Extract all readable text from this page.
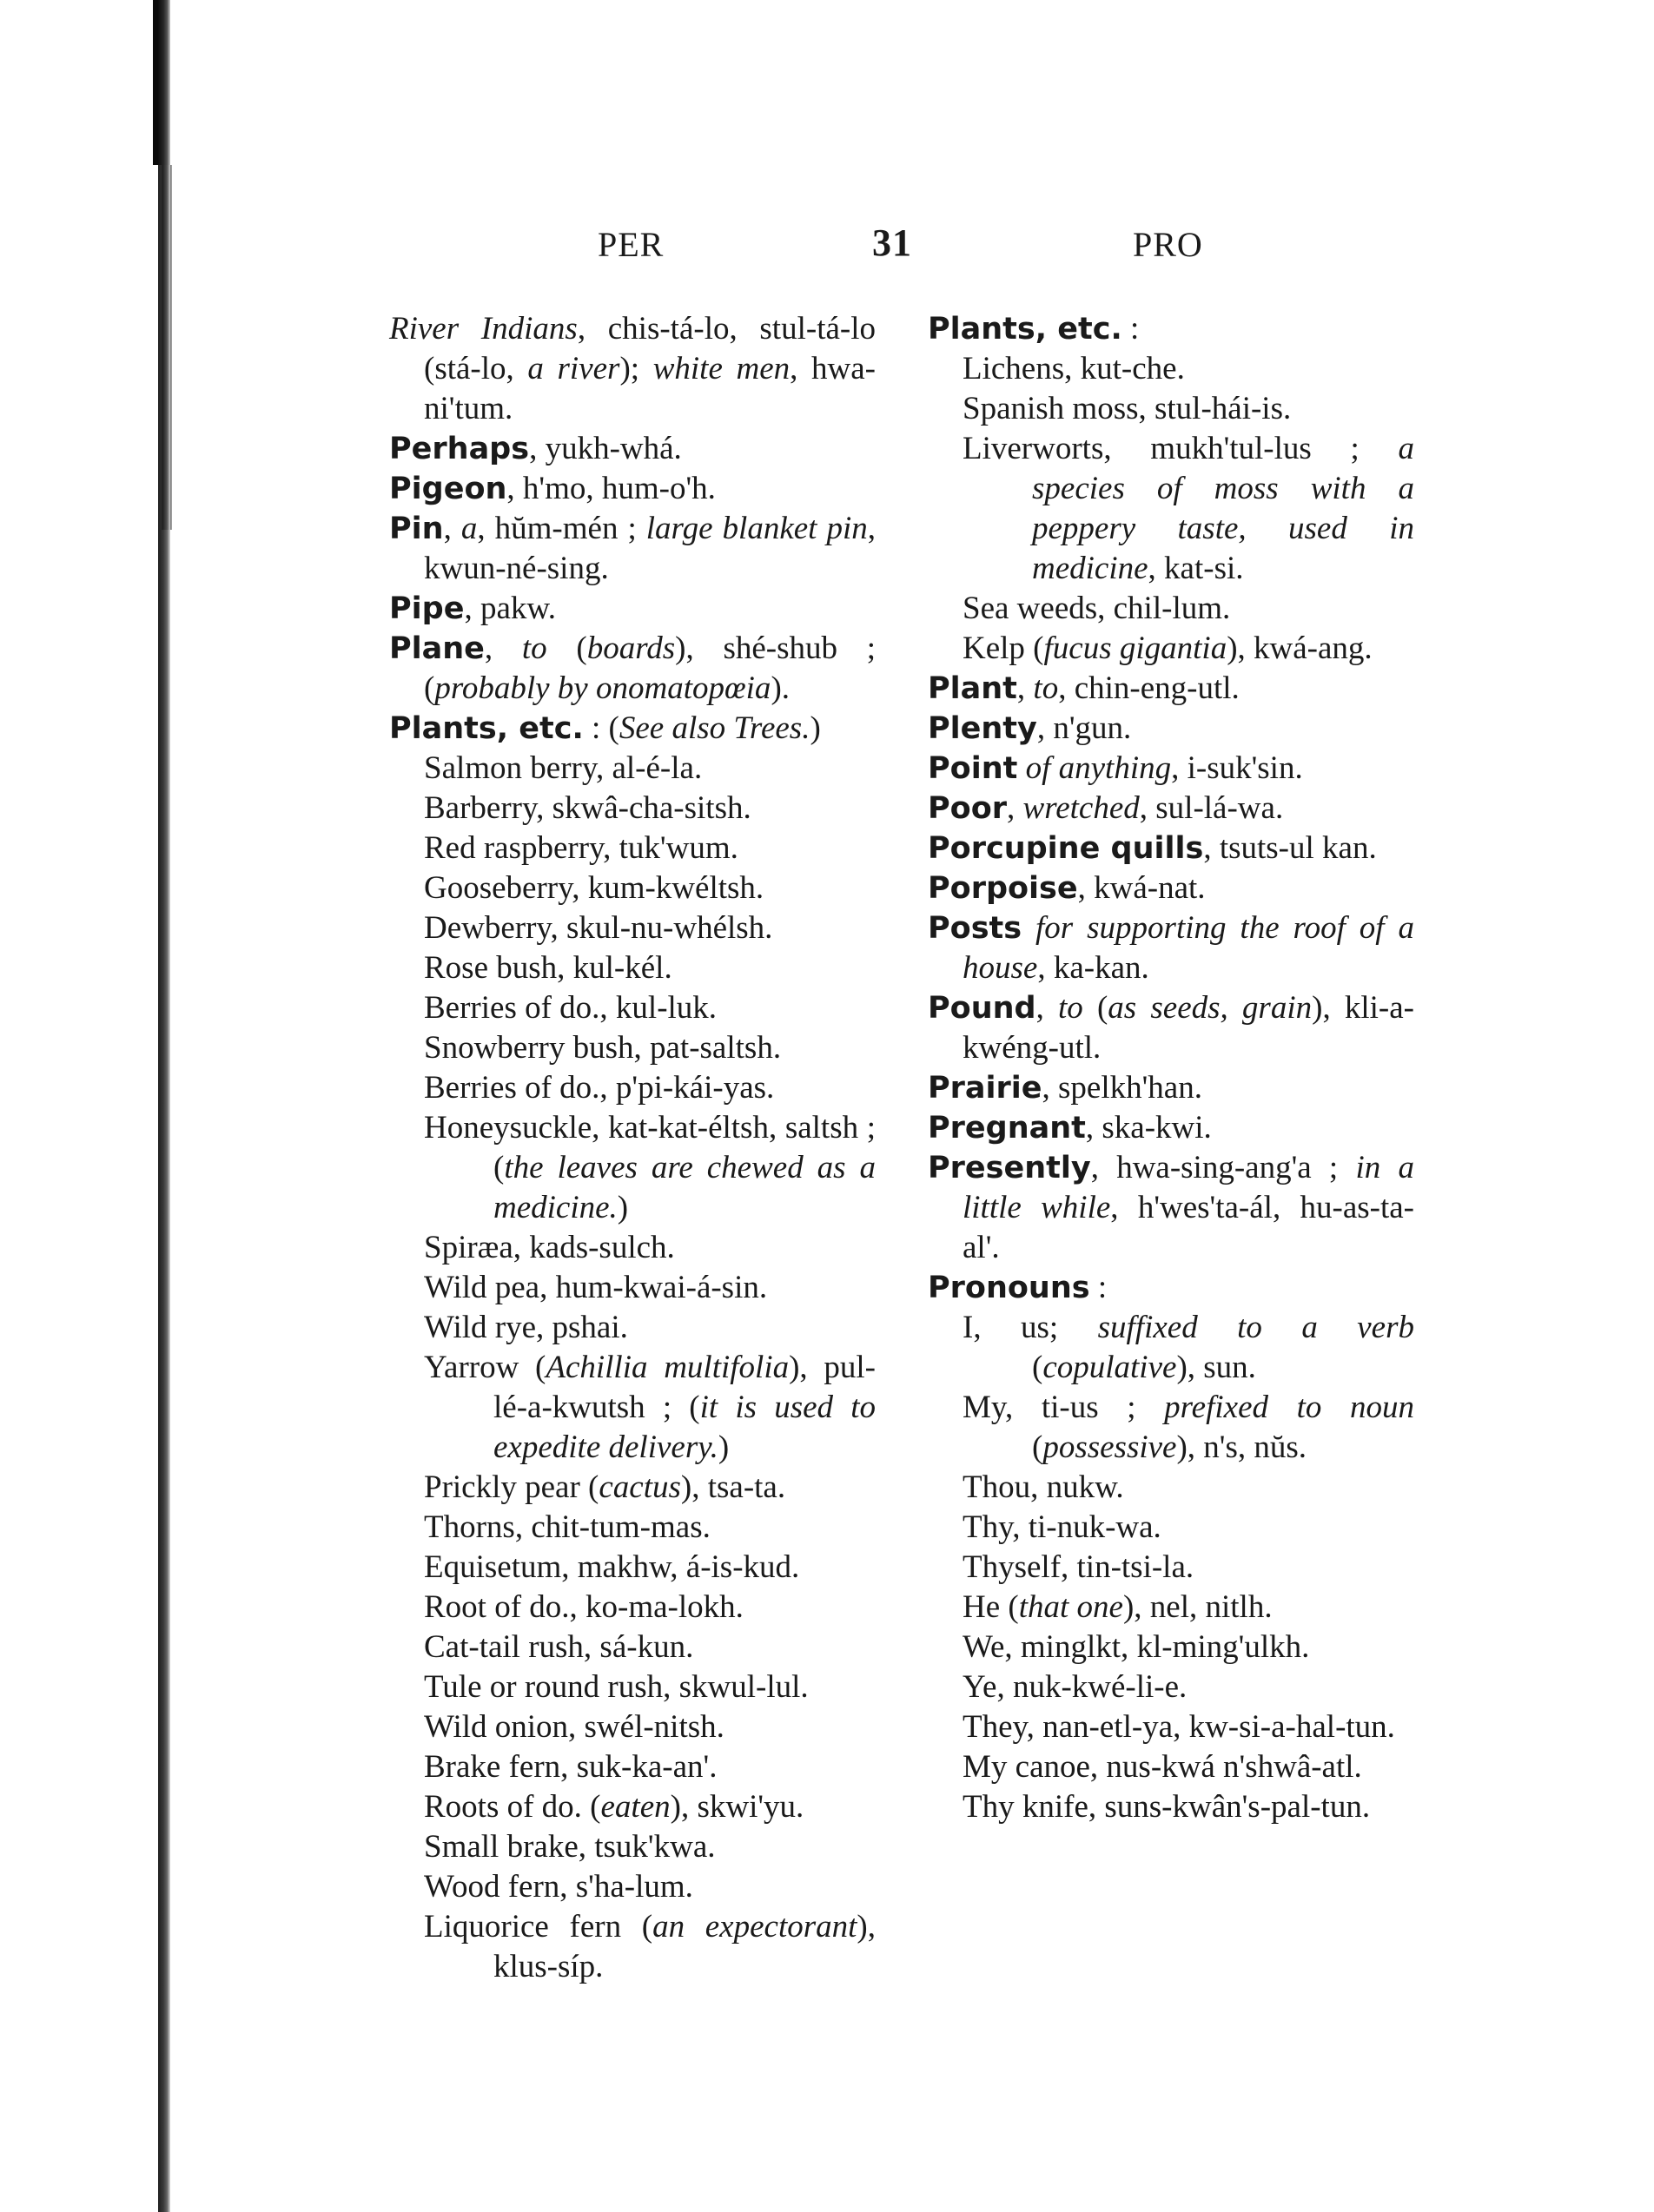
PER	31	PRO

River Indians, chis-tá-lo, stul-tá-lo (stá-lo, a river); white men, hwa-ni'tum.

Perhaps, yukh-whá.

Pigeon, h'mo, hum-o'h.

Pin, a, hŭm-mén ; large blanket pin, kwun-né-sing.

Pipe, pakw.

Plane, to (boards), shé-shub ; (probably by onomatopœia).

Plants, etc. : (See also Trees.)

Salmon berry, al-é-la.

Barberry, skwâ-cha-sitsh.

Red raspberry, tuk'wum.

Gooseberry, kum-kwéltsh.

Dewberry, skul-nu-whélsh.

Rose bush, kul-kél.

Berries of do., kul-luk.

Snowberry bush, pat-saltsh.

Berries of do., p'pi-kái-yas.

Honeysuckle, kat-kat-éltsh, saltsh ; (the leaves are chewed as a medicine.)

Spiræa, kads-sulch.

Wild pea, hum-kwai-á-sin.

Wild rye, pshai.

Yarrow (Achillia multifolia), pul-lé-a-kwutsh ; (it is used to expedite delivery.)

Prickly pear (cactus), tsa-ta.

Thorns, chit-tum-mas.

Equisetum, makhw, á-is-kud.

Root of do., ko-ma-lokh.

Cat-tail rush, sá-kun.

Tule or round rush, skwul-lul.

Wild onion, swél-nitsh.

Brake fern, suk-ka-an'.

Roots of do. (eaten), skwi'yu.

Small brake, tsuk'kwa.

Wood fern, s'ha-lum.

Liquorice fern (an expectorant), klus-síp.

Plants, etc. :

Lichens, kut-che.

Spanish moss, stul-hái-is.

Liverworts, mukh'tul-lus ; a species of moss with a peppery taste, used in medicine, kat-si.

Sea weeds, chil-lum.

Kelp (fucus gigantia), kwá-ang.

Plant, to, chin-eng-utl.

Plenty, n'gun.

Point of anything, i-suk'sin.

Poor, wretched, sul-lá-wa.

Porcupine quills, tsuts-ul kan.

Porpoise, kwá-nat.

Posts for supporting the roof of a house, ka-kan.

Pound, to (as seeds, grain), kli-a-kwéng-utl.

Prairie, spelkh'han.

Pregnant, ska-kwi.

Presently, hwa-sing-ang'a ; in a little while, h'wes'ta-ál, hu-as-ta-al'.

Pronouns :

I, us; suffixed to a verb (copulative), sun.

My, ti-us ; prefixed to noun (possessive), n's, nŭs.

Thou, nukw.

Thy, ti-nuk-wa.

Thyself, tin-tsi-la.

He (that one), nel, nitlh.

We, minglkt, kl-ming'ulkh.

Ye, nuk-kwé-li-e.

They, nan-etl-ya, kw-si-a-hal-tun.

My canoe, nus-kwá n'shwâ-atl.

Thy knife, suns-kwân's-pal-tun.
